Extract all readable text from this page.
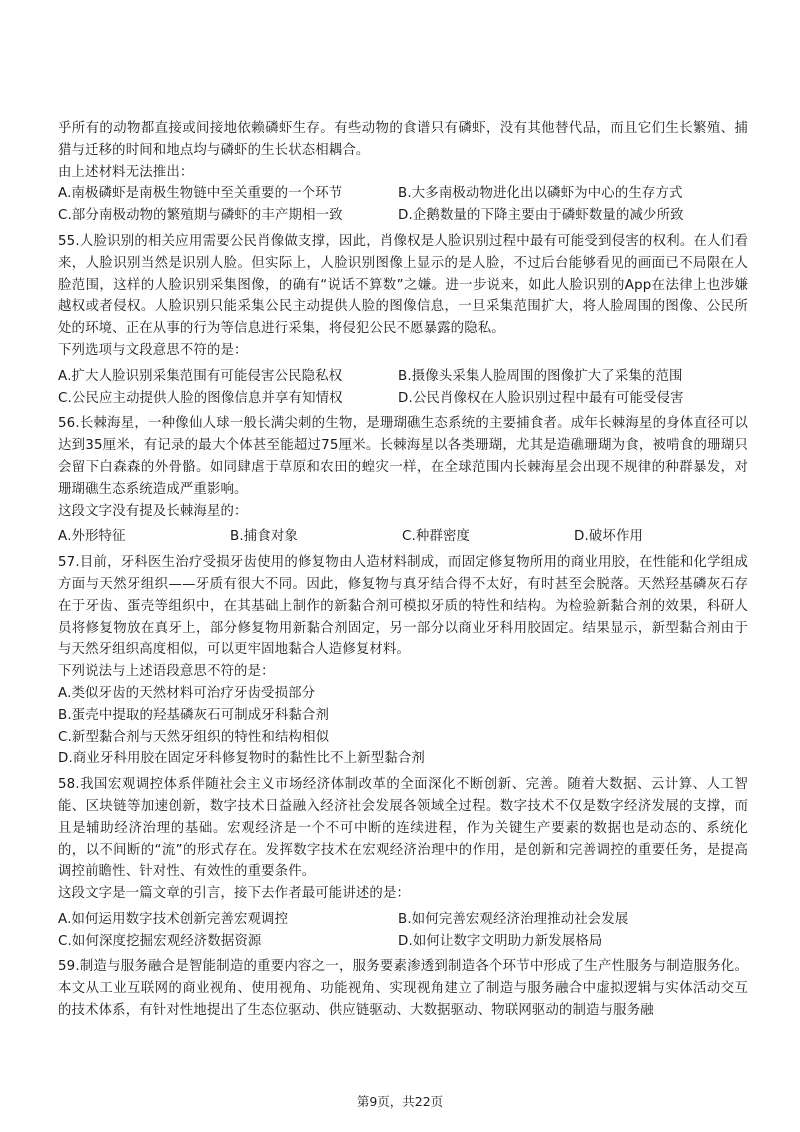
乎所有的动物都直接或间接地依赖磷虾生存。有些动物的食谱只有磷虾，没有其他替代品，而且它们生长繁殖、捕猎与迁移的时间和地点均与磷虾的生长状态相耦合。
由上述材料无法推出：
A.南极磷虾是南极生物链中至关重要的一个环节	B.大多南极动物进化出以磷虾为中心的生存方式
C.部分南极动物的繁殖期与磷虾的丰产期相一致	D.企鹅数量的下降主要由于磷虾数量的减少所致
55.人脸识别的相关应用需要公民肖像做支撑，因此，肖像权是人脸识别过程中最有可能受到侵害的权利。在人们看来，人脸识别当然是识别人脸。但实际上，人脸识别图像上显示的是人脸，不过后台能够看见的画面已不局限在人脸范围，这样的人脸识别采集图像，的确有“说话不算数”之嫌。进一步说来，如此人脸识别的App在法律上也涉嫌越权或者侵权。人脸识别只能采集公民主动提供人脸的图像信息，一旦采集范围扩大，将人脸周围的图像、公民所处的环境、正在从事的行为等信息进行采集，将侵犯公民不愿暴露的隐私。
下列选项与文段意思不符的是：
A.扩大人脸识别采集范围有可能侵害公民隐私权	B.摄像头采集人脸周围的图像扩大了采集的范围
C.公民应主动提供人脸的图像信息并享有知情权	D.公民肖像权在人脸识别过程中最有可能受侵害
56.长棘海星，一种像仙人球一般长满尖刺的生物，是珊瑚礁生态系统的主要捕食者。成年长棘海星的身体直径可以达到35厘米，有记录的最大个体甚至能超过75厘米。长棘海星以各类珊瑚，尤其是造礁珊瑚为食，被啃食的珊瑚只会留下白森森的外骨骼。如同肆虐于草原和农田的蝗灾一样，在全球范围内长棘海星会出现不规律的种群暴发，对珊瑚礁生态系统造成严重影响。
这段文字没有提及长棘海星的：
A.外形特征	B.捕食对象	C.种群密度	D.破坏作用
57.目前，牙科医生治疗受损牙齿使用的修复物由人造材料制成，而固定修复物所用的商业用胶，在性能和化学组成方面与天然牙组织——牙质有很大不同。因此，修复物与真牙结合得不太好，有时甚至会脱落。天然羟基磷灰石存在于牙齿、蛋壳等组织中，在其基础上制作的新黏合剂可模拟牙质的特性和结构。为检验新黏合剂的效果，科研人员将修复物放在真牙上，部分修复物用新黏合剂固定，另一部分以商业牙科用胶固定。结果显示，新型黏合剂由于与天然牙组织高度相似，可以更牢固地黏合人造修复材料。
下列说法与上述语段意思不符的是：
A.类似牙齿的天然材料可治疗牙齿受损部分
B.蛋壳中提取的羟基磷灰石可制成牙科黏合剂
C.新型黏合剂与天然牙组织的特性和结构相似
D.商业牙科用胶在固定牙科修复物时的黏性比不上新型黏合剂
58.我国宏观调控体系伴随社会主义市场经济体制改革的全面深化不断创新、完善。随着大数据、云计算、人工智能、区块链等加速创新，数字技术日益融入经济社会发展各领域全过程。数字技术不仅是数字经济发展的支撑，而且是辅助经济治理的基础。宏观经济是一个不可中断的连续进程，作为关键生产要素的数据也是动态的、系统化的，以不间断的“流”的形式存在。发挥数字技术在宏观经济治理中的作用，是创新和完善调控的重要任务，是提高调控前瞻性、针对性、有效性的重要条件。
这段文字是一篇文章的引言，接下去作者最可能讲述的是：
A.如何运用数字技术创新完善宏观调控	B.如何完善宏观经济治理推动社会发展
C.如何深度挖掘宏观经济数据资源	D.如何让数字文明助力新发展格局
59.制造与服务融合是智能制造的重要内容之一，服务要素渗透到制造各个环节中形成了生产性服务与制造服务化。本文从工业互联网的商业视角、使用视角、功能视角、实现视角建立了制造与服务融合中虚拟逻辑与实体活动交互的技术体系，有针对性地提出了生态位驱动、供应链驱动、大数据驱动、物联网驱动的制造与服务融
第9页，共22页
